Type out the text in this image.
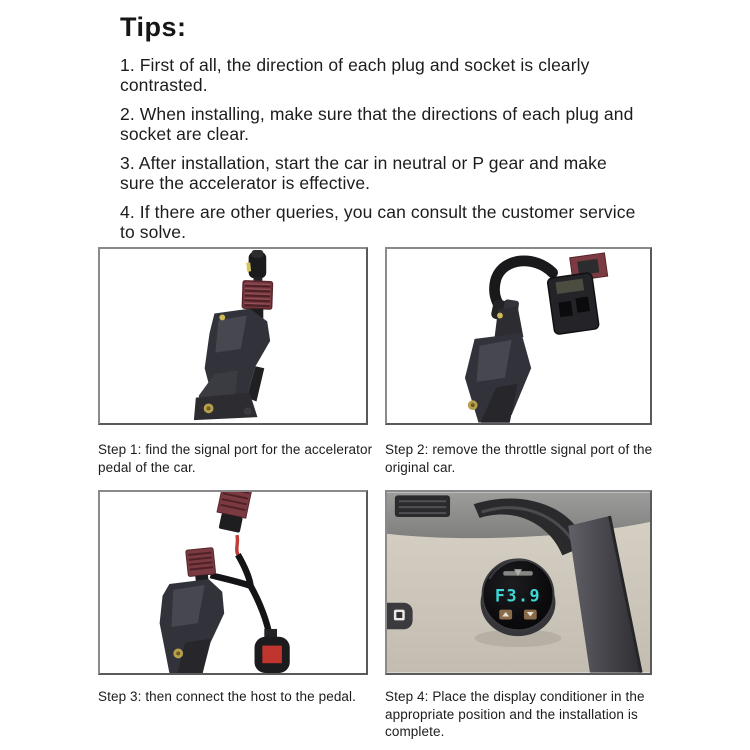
Tips:

1. First of all, the direction of each plug and socket is clearly contrasted.

2. When installing, make sure that the directions of each plug and socket are clear.

3. After installation, start the car in neutral or P gear and make sure the accelerator is effective.

4. If there are other queries, you can consult the customer service to solve.

Step 1: find the signal port for the accelerator pedal of the car.
Step 2: remove the throttle signal port of the original car.
Step 3: then connect the host to the pedal.
F3.9
Step 4: Place the display conditioner in the appropriate position and the installation is complete.
